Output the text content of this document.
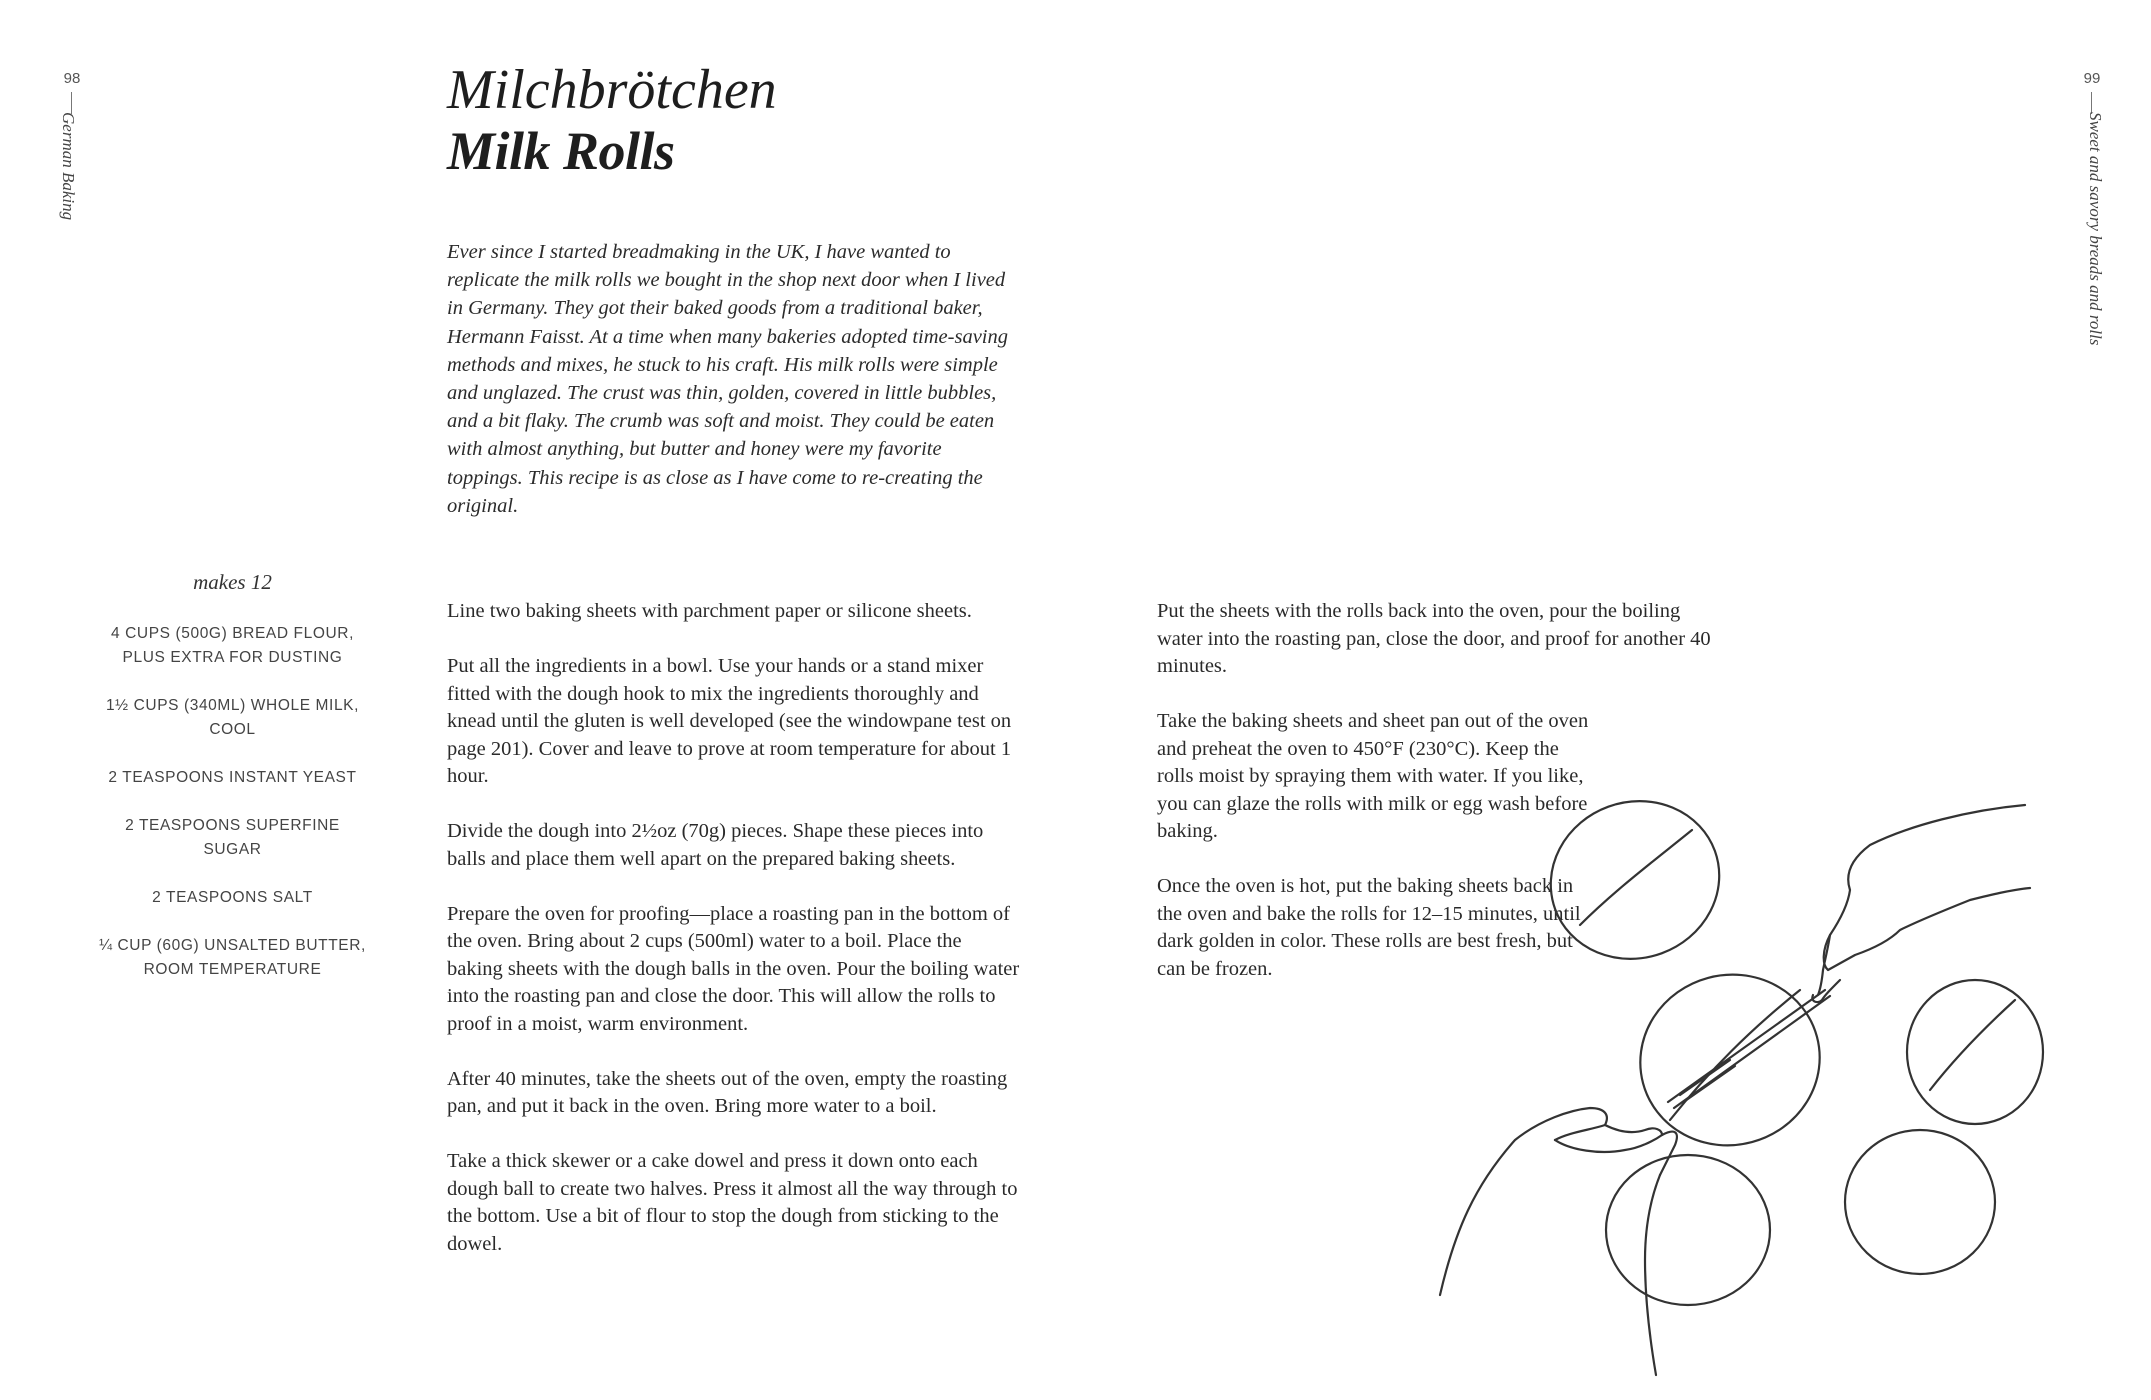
98
German Baking
99
Sweet and savory breads and rolls
Milchbrötchen
Milk Rolls

Ever since I started breadmaking in the UK, I have wanted to replicate the milk rolls we bought in the shop next door when I lived in Germany. They got their baked goods from a traditional baker, Hermann Faisst. At a time when many bakeries adopted time-saving methods and mixes, he stuck to his craft. His milk rolls were simple and unglazed. The crust was thin, golden, covered in little bubbles, and a bit flaky. The crumb was soft and moist. They could be eaten with almost anything, but butter and honey were my favorite toppings. This recipe is as close as I have come to re-creating the original.

makes 12
4 CUPS (500G) BREAD FLOUR,
PLUS EXTRA FOR DUSTING
1½ CUPS (340ML) WHOLE MILK, COOL
2 TEASPOONS INSTANT YEAST
2 TEASPOONS SUPERFINE SUGAR
2 TEASPOONS SALT
¼ CUP (60G) UNSALTED BUTTER,
ROOM TEMPERATURE

Line two baking sheets with parchment paper or silicone sheets.

Put all the ingredients in a bowl. Use your hands or a stand mixer fitted with the dough hook to mix the ingredients thoroughly and knead until the gluten is well developed (see the windowpane test on page 201). Cover and leave to prove at room temperature for about 1 hour.

Divide the dough into 2½oz (70g) pieces. Shape these pieces into balls and place them well apart on the prepared baking sheets.

Prepare the oven for proofing—place a roasting pan in the bottom of the oven. Bring about 2 cups (500ml) water to a boil. Place the baking sheets with the dough balls in the oven. Pour the boiling water into the roasting pan and close the door. This will allow the rolls to proof in a moist, warm environment.

After 40 minutes, take the sheets out of the oven, empty the roasting pan, and put it back in the oven. Bring more water to a boil.

Take a thick skewer or a cake dowel and press it down onto each dough ball to create two halves. Press it almost all the way through to the bottom. Use a bit of flour to stop the dough from sticking to the dowel.

Put the sheets with the rolls back into the oven, pour the boiling water into the roasting pan, close the door, and proof for another 40 minutes.

Take the baking sheets and sheet pan out of the oven and preheat the oven to 450°F (230°C). Keep the rolls moist by spraying them with water. If you like, you can glaze the rolls with milk or egg wash before baking.

Once the oven is hot, put the baking sheets back in the oven and bake the rolls for 12–15 minutes, until dark golden in color. These rolls are best fresh, but can be frozen.
